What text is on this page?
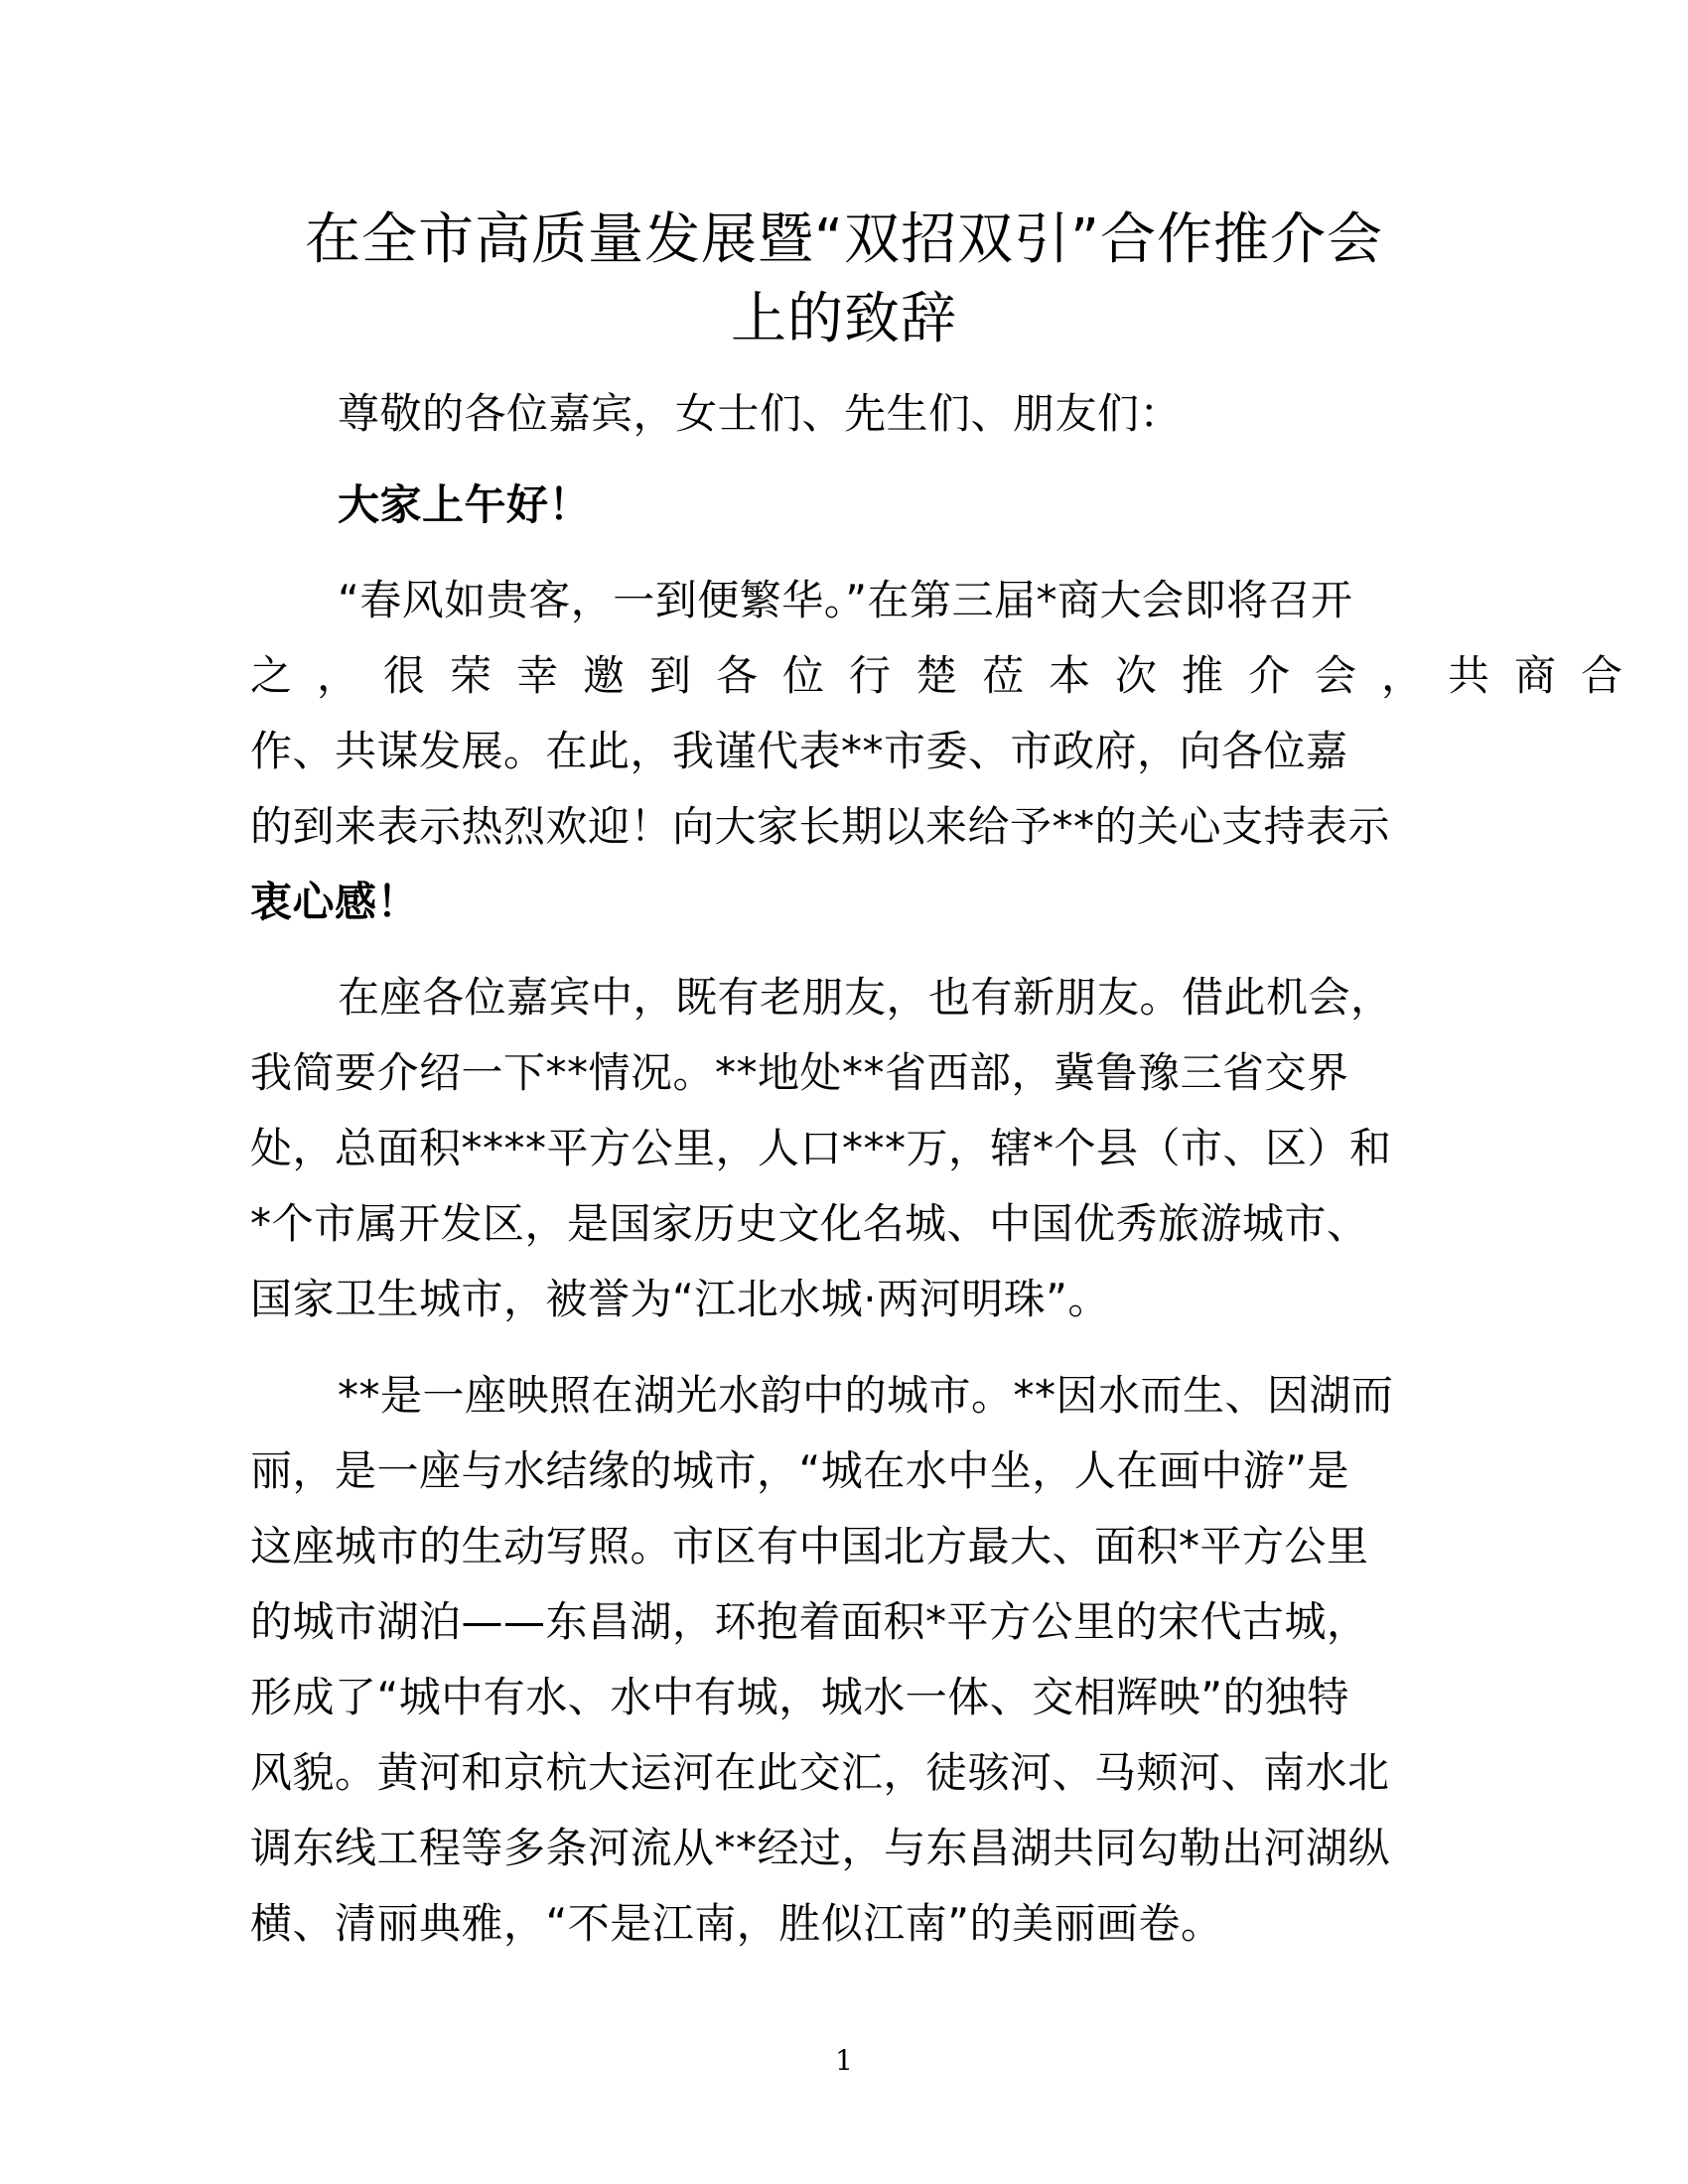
在全市高质量发展暨“双招双引”合作推介会
上的致辞
尊敬的各位嘉宾，女士们、先生们、朋友们：
大家上午好！
“春风如贵客，一到便繁华。”在第三届*商大会即将召开
之，很荣幸邀到各位行楚莅本次推介会，共商合
作、共谋发展。在此，我谨代表**市委、市政府，向各位嘉
的到来表示热烈欢迎！向大家长期以来给予**的关心支持表示
衷心感！
在座各位嘉宾中，既有老朋友，也有新朋友。借此机会，
我简要介绍一下**情况。**地处**省西部，冀鲁豫三省交界
处，总面积****平方公里，人口***万，辖*个县（市、区）和
*个市属开发区，是国家历史文化名城、中国优秀旅游城市、
国家卫生城市，被誉为“江北水城·两河明珠”。
**是一座映照在湖光水韵中的城市。**因水而生、因湖而
丽，是一座与水结缘的城市，“城在水中坐，人在画中游”是
这座城市的生动写照。市区有中国北方最大、面积*平方公里
的城市湖泊——东昌湖，环抱着面积*平方公里的宋代古城，
形成了“城中有水、水中有城，城水一体、交相辉映”的独特
风貌。黄河和京杭大运河在此交汇，徒骇河、马颊河、南水北
调东线工程等多条河流从**经过，与东昌湖共同勾勒出河湖纵
横、清丽典雅，“不是江南，胜似江南”的美丽画卷。
1
